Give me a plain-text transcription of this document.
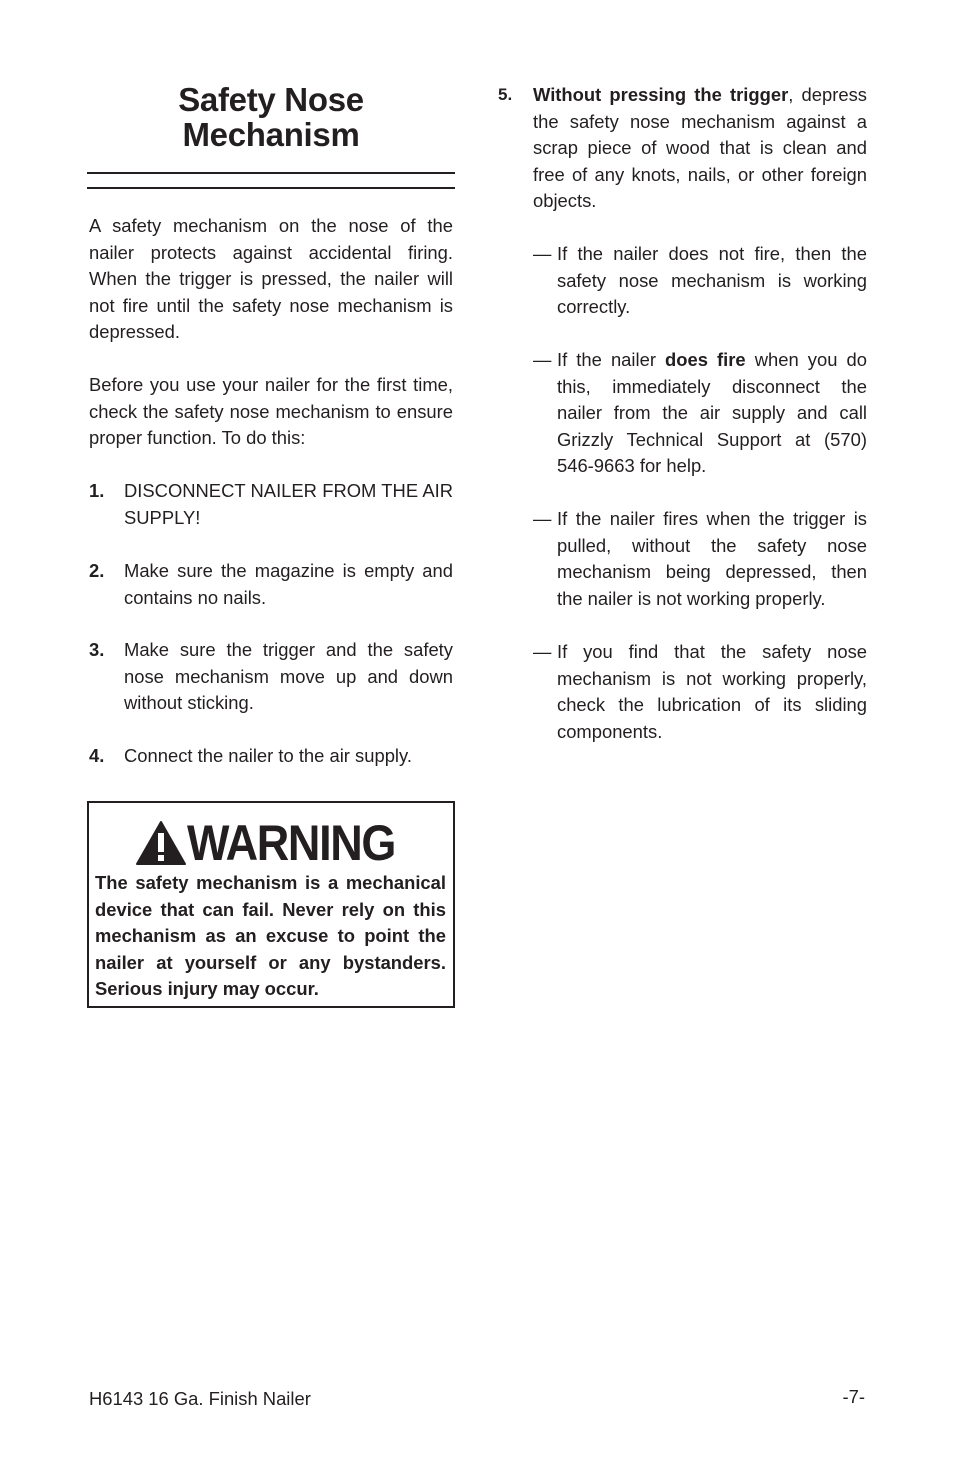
Safety Nose
Mechanism

A safety mechanism on the nose of the nailer protects against accidental firing. When the trigger is pressed, the nailer will not fire until the safety nose mechanism is depressed.

Before you use your nailer for the first time, check the safety nose mechanism to ensure proper function. To do this:

1.	DISCONNECT NAILER FROM THE AIR SUPPLY!
2.	Make sure the magazine is empty and contains no nails.
3.	Make sure the trigger and the safety nose mechanism move up and down without sticking.
4.	Connect the nailer to the air supply.
WARNING
The safety mechanism is a mechanical device that can fail. Never rely on this mechanism as an excuse to point the nailer at yourself or any bystanders. Serious injury may occur.
5.	Without pressing the trigger, depress the safety nose mechanism against a scrap piece of wood that is clean and free of any knots, nails, or other foreign objects.
— If the nailer does not fire, then the safety nose mechanism is working correctly.
— If the nailer does fire when you do this, immediately disconnect the nailer from the air supply and call Grizzly Technical Support at (570) 546-9663 for help.
— If the nailer fires when the trigger is pulled, without the safety nose mechanism being depressed, then the nailer is not working properly.
— If you find that the safety nose mechanism is not working properly, check the lubrication of its sliding components.
H6143 16 Ga. Finish Nailer	-7-
